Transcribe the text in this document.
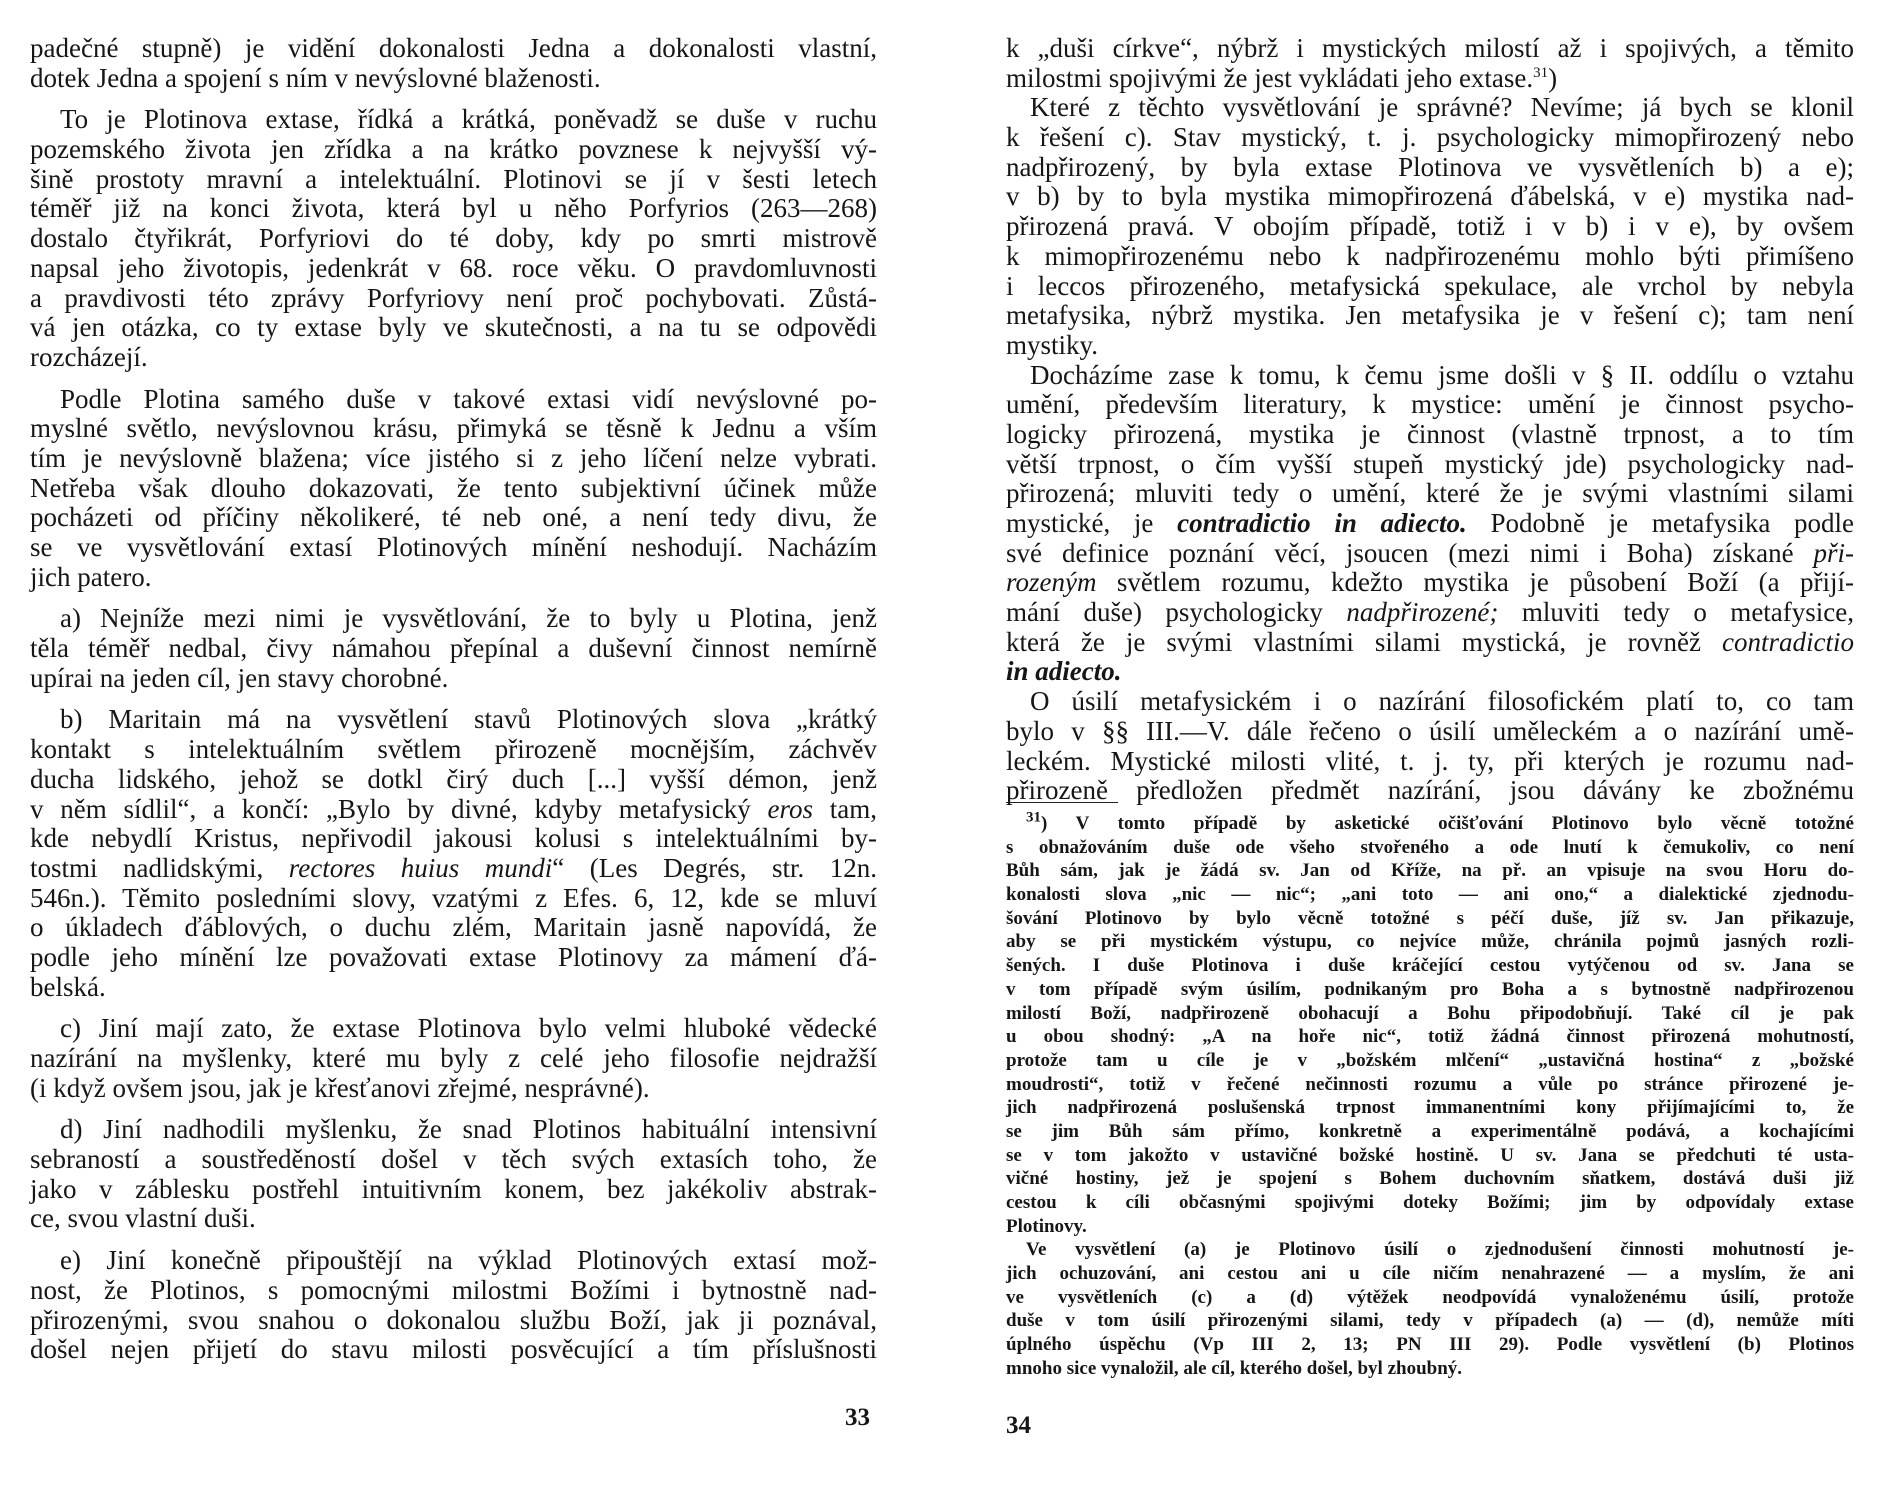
padečné stupně) je vidění dokonalosti Jedna a dokonalosti vlastní,
dotek Jedna a spojení s ním v nevýslovné blaženosti.
To je Plotinova extase, řídká a krátká, poněvadž se duše v ruchu
pozemského života jen zřídka a na krátko povznese k nejvyšší vý-
šině prostoty mravní a intelektuální. Plotinovi se jí v šesti letech
téměř již na konci života, která byl u něho Porfyrios (263—268)
dostalo čtyřikrát, Porfyriovi do té doby, kdy po smrti mistrově
napsal jeho životopis, jedenkrát v 68. roce věku. O pravdomluvnosti
a pravdivosti této zprávy Porfyriovy není proč pochybovati. Zůstá-
vá jen otázka, co ty extase byly ve skutečnosti, a na tu se odpovědi
rozcházejí.
Podle Plotina samého duše v takové extasi vidí nevýslovné po-
myslné světlo, nevýslovnou krásu, přimyká se těsně k Jednu a vším
tím je nevýslovně blažena; více jistého si z jeho líčení nelze vybrati.
Netřeba však dlouho dokazovati, že tento subjektivní účinek může
pocházeti od příčiny několikeré, té neb oné, a není tedy divu, že
se ve vysvětlování extasí Plotinových mínění neshodují. Nacházím
jich patero.
a) Nejníže mezi nimi je vysvětlování, že to byly u Plotina, jenž
těla téměř nedbal, čivy námahou přepínal a duševní činnost nemírně
upírai na jeden cíl, jen stavy chorobné.
b) Maritain má na vysvětlení stavů Plotinových slova „krátký
kontakt s intelektuálním světlem přirozeně mocnějším, záchvěv
ducha lidského, jehož se dotkl čirý duch [...] vyšší démon, jenž
v něm sídlil“, a končí: „Bylo by divné, kdyby metafysický eros tam,
kde nebydlí Kristus, nepřivodil jakousi kolusi s intelektuálními by-
tostmi nadlidskými, rectores huius mundi“ (Les Degrés, str. 12n.
546n.). Těmito posledními slovy, vzatými z Efes. 6, 12, kde se mluví
o úkladech ďáblových, o duchu zlém, Maritain jasně napovídá, že
podle jeho mínění lze považovati extase Plotinovy za mámení ďá-
belská.
c) Jiní mají zato, že extase Plotinova bylo velmi hluboké vědecké
nazírání na myšlenky, které mu byly z celé jeho filosofie nejdražší
(i když ovšem jsou, jak je křesťanovi zřejmé, nesprávné).
d) Jiní nadhodili myšlenku, že snad Plotinos habituální intensivní
sebraností a soustředěností došel v těch svých extasích toho, že
jako v záblesku postřehl intuitivním konem, bez jakékoliv abstrak-
ce, svou vlastní duši.
e) Jiní konečně připouštějí na výklad Plotinových extasí mož-
nost, že Plotinos, s pomocnými milostmi Božími i bytnostně nad-
přirozenými, svou snahou o dokonalou službu Boží, jak ji poznával,
došel nejen přijetí do stavu milosti posvěcující a tím příslušnosti
k „duši církve“, nýbrž i mystických milostí až i spojivých, a těmito
milostmi spojivými že jest vykládati jeho extase.$^{31}$)
Které z těchto vysvětlování je správné? Nevíme; já bych se klonil
k řešení c). Stav mystický, t. j. psychologicky mimopřirozený nebo
nadpřirozený, by byla extase Plotinova ve vysvětleních b) a e);
v b) by to byla mystika mimopřirozená ďábelská, v e) mystika nad-
přirozená pravá. V obojím případě, totiž i v b) i v e), by ovšem
k mimopřirozenému nebo k nadpřirozenému mohlo býti přimíšeno
i leccos přirozeného, metafysická spekulace, ale vrchol by nebyla
metafysika, nýbrž mystika. Jen metafysika je v řešení c); tam není
mystiky.
Docházíme zase k tomu, k čemu jsme došli v § II. oddílu o vztahu
umění, především literatury, k mystice: umění je činnost psycho-
logicky přirozená, mystika je činnost (vlastně trpnost, a to tím
větší trpnost, o čím vyšší stupeň mystický jde) psychologicky nad-
přirozená; mluviti tedy o umění, které že je svými vlastními silami
mystické, je contradictio in adiecto. Podobně je metafysika podle
své definice poznání věcí, jsoucen (mezi nimi i Boha) získané při-
rozeným světlem rozumu, kdežto mystika je působení Boží (a přijí-
mání duše) psychologicky nadpřirozené; mluviti tedy o metafysice,
která že je svými vlastními silami mystická, je rovněž contradictio
in adiecto.
O úsilí metafysickém i o nazírání filosofickém platí to, co tam
bylo v §§ III.—V. dále řečeno o úsilí uměleckém a o nazírání umě-
leckém. Mystické milosti vlité, t. j. ty, při kterých je rozumu nad-
přirozeně předložen předmět nazírání, jsou dávány ke zbožnému
$^{31}$) V tomto případě by asketické očišťování Plotinovo bylo věcně totožné
s obnažováním duše ode všeho stvořeného a ode lnutí k čemukoliv, co není
Bůh sám, jak je žádá sv. Jan od Kříže, na př. an vpisuje na svou Horu do-
konalosti slova „nic — nic“; „ani toto — ani ono,“ a dialektické zjednodu-
šování Plotinovo by bylo věcně totožné s péčí duše, jíž sv. Jan přikazuje,
aby se při mystickém výstupu, co nejvíce může, chránila pojmů jasných rozli-
šených. I duše Plotinova i duše kráčející cestou vytýčenou od sv. Jana se
v tom případě svým úsilím, podnikaným pro Boha a s bytnostně nadpřirozenou
milostí Boží, nadpřirozeně obohacují a Bohu připodobňují. Také cíl je pak
u obou shodný: „A na hoře nic“, totiž žádná činnost přirozená mohutností,
protože tam u cíle je v „božském mlčení“ „ustavičná hostina“ z „božské
moudrosti“, totiž v řečené nečinnosti rozumu a vůle po stránce přirozené je-
jich nadpřirozená poslušenská trpnost immanentními kony přijímajícími to, že
se jim Bůh sám přímo, konkretně a experimentálně podává, a kochajícími
se v tom jakožto v ustavičné božské hostině. U sv. Jana se předchuti té usta-
vičné hostiny, jež je spojení s Bohem duchovním sňatkem, dostává duši již
cestou k cíli občasnými spojivými doteky Božími; jim by odpovídaly extase
Plotinovy.
Ve vysvětlení (a) je Plotinovo úsilí o zjednodušení činnosti mohutností je-
jich ochuzování, ani cestou ani u cíle ničím nenahrazené — a myslím, že ani
ve vysvětleních (c) a (d) výtěžek neodpovídá vynaloženému úsilí, protože
duše v tom úsilí přirozenými silami, tedy v případech (a) — (d), nemůže míti
úplného úspěchu (Vp III 2, 13; PN III 29). Podle vysvětlení (b) Plotinos
mnoho sice vynaložil, ale cíl, kterého došel, byl zhoubný.
33	34
